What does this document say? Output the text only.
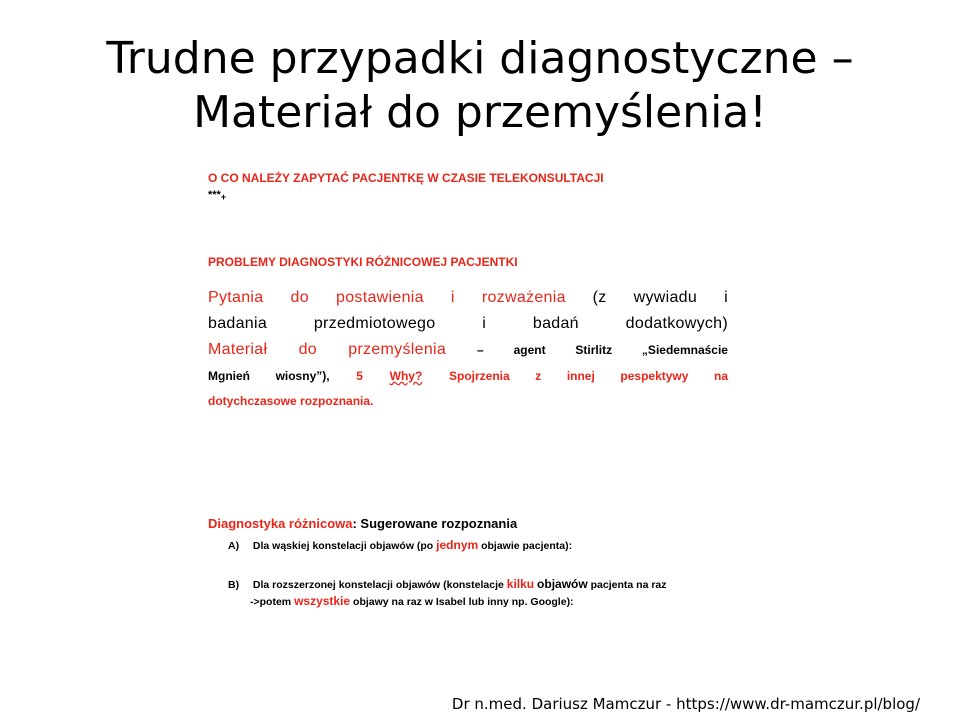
Trudne przypadki diagnostyczne –
Materiał do przemyślenia!
O CO NALEŻY ZAPYTAĆ PACJENTKĘ W CZASIE TELEKONSULTACJI
$***_+$
PROBLEMY DIAGNOSTYKI RÓŻNICOWEJ PACJENTKI
Pytania do postawienia i rozważenia (z wywiadu i
badania przedmiotowego i badań dodatkowych)
Materiał do przemyślenia	– agent Stirlitz „Siedemnaście
Mgnień wiosny”), 5 Why? Spojrzenia z innej pespektywy na
dotychczasowe rozpoznania.
Diagnostyka różnicowa: Sugerowane rozpoznania
A) Dla wąskiej konstelacji objawów (po jednym objawie pacjenta):
B) Dla rozszerzonej konstelacji objawów (konstelacje kilku objawów pacjenta na raz
->potem wszystkie objawy na raz w Isabel lub inny np. Google):
Dr n.med. Dariusz Mamczur - https://www.dr-mamczur.pl/blog/
